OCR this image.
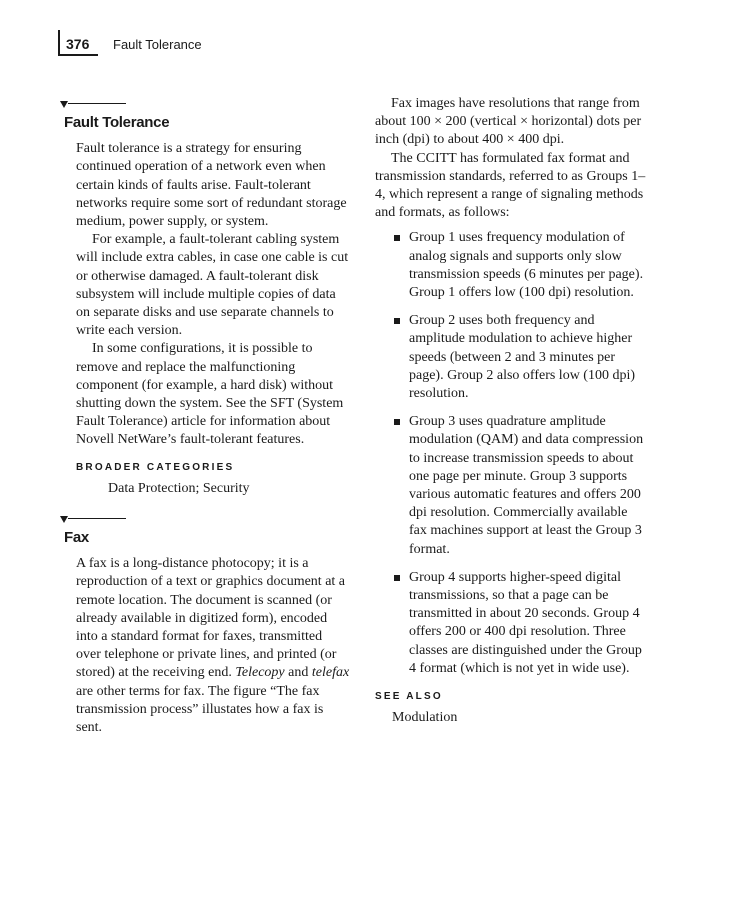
376 Fault Tolerance
Fault Tolerance

Fault tolerance is a strategy for ensuring continued operation of a network even when certain kinds of faults arise. Fault-tolerant networks require some sort of redundant storage medium, power supply, or system.

For example, a fault-tolerant cabling system will include extra cables, in case one cable is cut or otherwise damaged. A fault-tolerant disk subsystem will include multiple copies of data on separate disks and use separate channels to write each version.

In some configurations, it is possible to remove and replace the malfunctioning component (for example, a hard disk) without shutting down the system. See the SFT (System Fault Tolerance) article for information about Novell NetWare’s fault-tolerant features.

BROADER CATEGORIES
Data Protection; Security
Fax

A fax is a long-distance photocopy; it is a reproduction of a text or graphics document at a remote location. The document is scanned (or already available in digitized form), encoded into a standard format for faxes, transmitted over telephone or private lines, and printed (or stored) at the receiving end. Telecopy and telefax are other terms for fax. The figure “The fax transmission process” illustates how a fax is sent.

Fax images have resolutions that range from about 100 × 200 (vertical × horizontal) dots per inch (dpi) to about 400 × 400 dpi.

The CCITT has formulated fax format and transmission standards, referred to as Groups 1–4, which represent a range of signaling methods and formats, as follows:

Group 1 uses frequency modulation of analog signals and supports only slow transmission speeds (6 minutes per page). Group 1 offers low (100 dpi) resolution.
Group 2 uses both frequency and amplitude modulation to achieve higher speeds (between 2 and 3 minutes per page). Group 2 also offers low (100 dpi) resolution.
Group 3 uses quadrature amplitude modulation (QAM) and data compression to increase transmission speeds to about one page per minute. Group 3 supports various automatic features and offers 200 dpi resolution. Commercially available fax machines support at least the Group 3 format.
Group 4 supports higher-speed digital transmissions, so that a page can be transmitted in about 20 seconds. Group 4 offers 200 or 400 dpi resolution. Three classes are distinguished under the Group 4 format (which is not yet in wide use).
SEE ALSO
Modulation
